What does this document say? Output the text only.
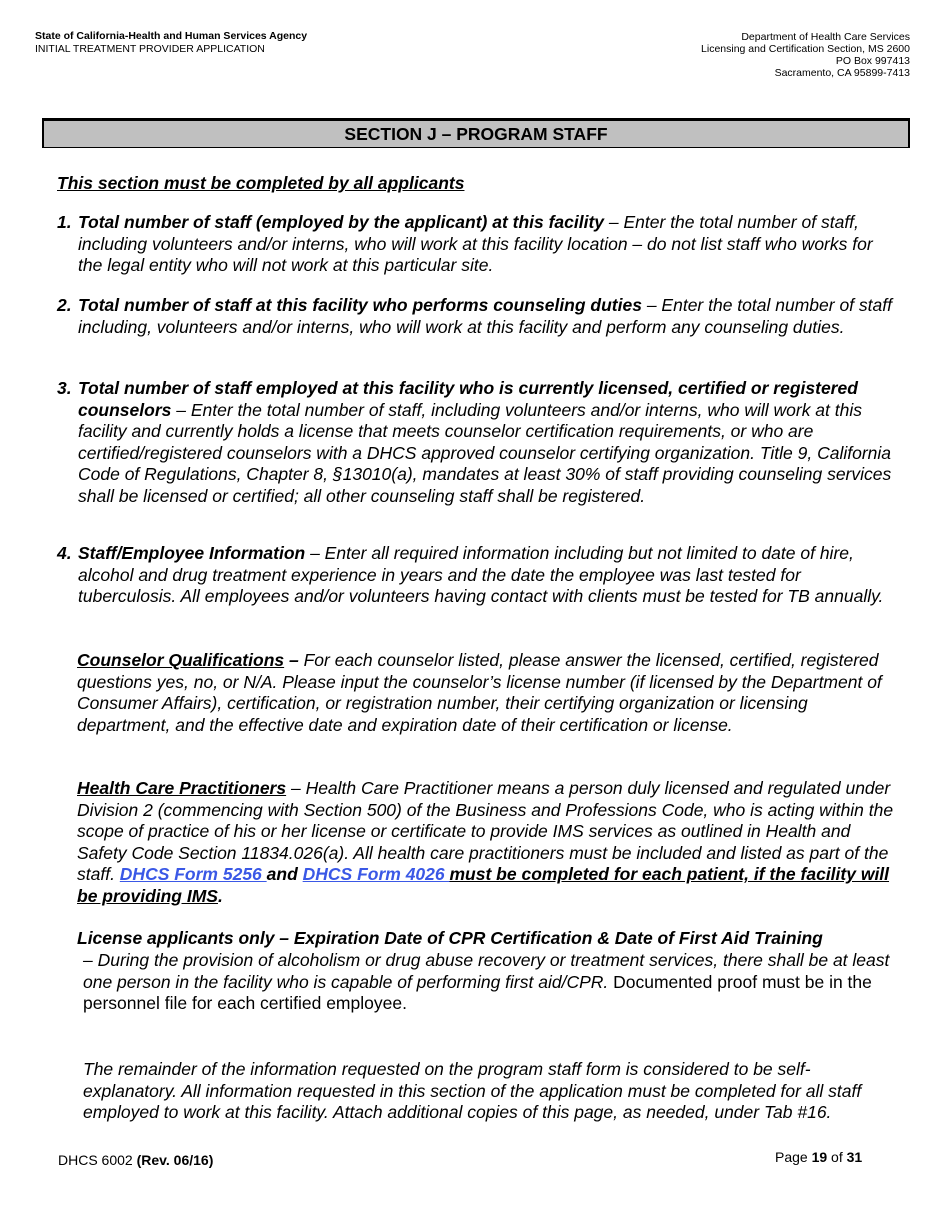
State of California-Health and Human Services Agency
INITIAL TREATMENT PROVIDER APPLICATION
Department of Health Care Services
Licensing and Certification Section, MS 2600
PO Box 997413
Sacramento, CA 95899-7413
SECTION J – PROGRAM STAFF
This section must be completed by all applicants
1. Total number of staff (employed by the applicant) at this facility – Enter the total number of staff, including volunteers and/or interns, who will work at this facility location – do not list staff who works for the legal entity who will not work at this particular site.
2. Total number of staff at this facility who performs counseling duties – Enter the total number of staff including, volunteers and/or interns, who will work at this facility and perform any counseling duties.
3. Total number of staff employed at this facility who is currently licensed, certified or registered counselors – Enter the total number of staff, including volunteers and/or interns, who will work at this facility and currently holds a license that meets counselor certification requirements, or who are certified/registered counselors with a DHCS approved counselor certifying organization. Title 9, California Code of Regulations, Chapter 8, §13010(a), mandates at least 30% of staff providing counseling services shall be licensed or certified; all other counseling staff shall be registered.
4. Staff/Employee Information – Enter all required information including but not limited to date of hire, alcohol and drug treatment experience in years and the date the employee was last tested for tuberculosis. All employees and/or volunteers having contact with clients must be tested for TB annually.
Counselor Qualifications – For each counselor listed, please answer the licensed, certified, registered questions yes, no, or N/A. Please input the counselor’s license number (if licensed by the Department of Consumer Affairs), certification, or registration number, their certifying organization or licensing department, and the effective date and expiration date of their certification or license.
Health Care Practitioners – Health Care Practitioner means a person duly licensed and regulated under Division 2 (commencing with Section 500) of the Business and Professions Code, who is acting within the scope of practice of his or her license or certificate to provide IMS services as outlined in Health and Safety Code Section 11834.026(a). All health care practitioners must be included and listed as part of the staff. DHCS Form 5256 and DHCS Form 4026 must be completed for each patient, if the facility will be providing IMS.
License applicants only – Expiration Date of CPR Certification & Date of First Aid Training
– During the provision of alcoholism or drug abuse recovery or treatment services, there shall be at least one person in the facility who is capable of performing first aid/CPR. Documented proof must be in the personnel file for each certified employee.
The remainder of the information requested on the program staff form is considered to be self-explanatory. All information requested in this section of the application must be completed for all staff employed to work at this facility. Attach additional copies of this page, as needed, under Tab #16.
DHCS 6002 (Rev. 06/16)	Page 19 of 31
